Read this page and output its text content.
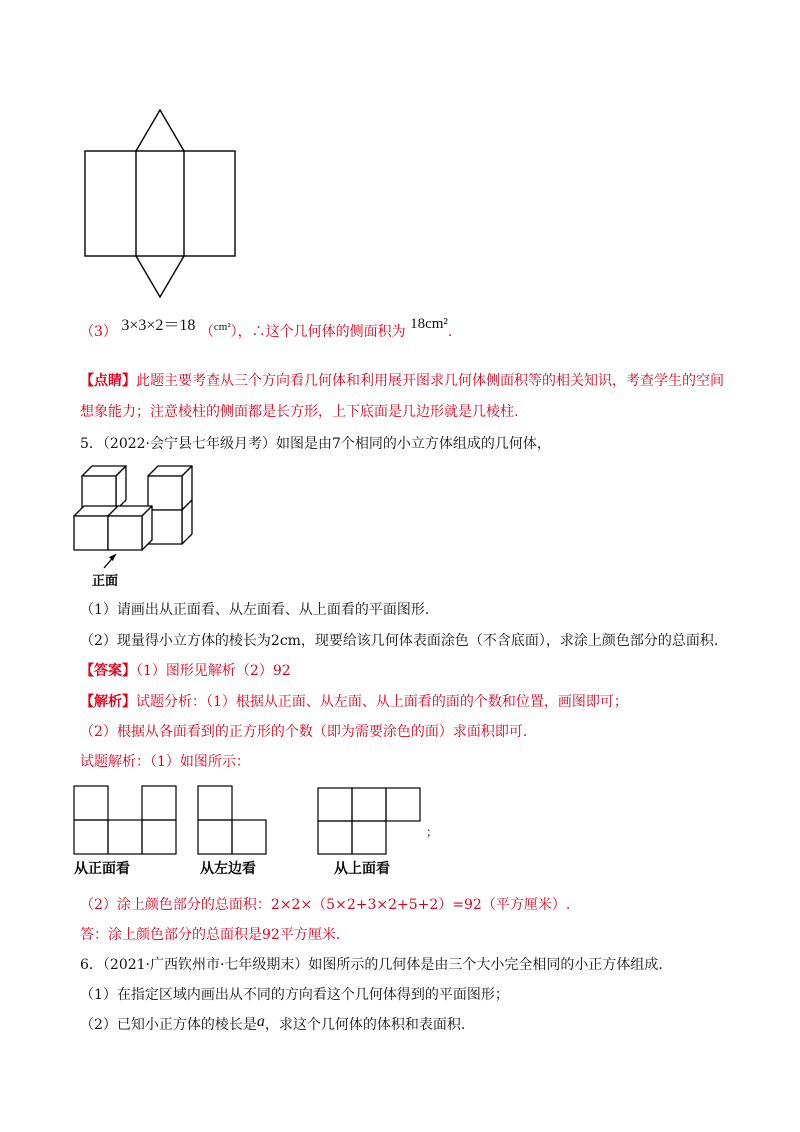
（3） 3×3×2＝18 （$^{cm^2}$），∴这个几何体的侧面积为 18cm².
【点睛】此题主要考查从三个方向看几何体和利用展开图求几何体侧面积等的相关知识，考查学生的空间
想象能力；注意棱柱的侧面都是长方形，上下底面是几边形就是几棱柱.
5．（2022·会宁县七年级月考）如图是由7个相同的小立方体组成的几何体，
正面
（1）请画出从正面看、从左面看、从上面看的平面图形.
（2）现量得小立方体的棱长为2cm，现要给该几何体表面涂色（不含底面），求涂上颜色部分的总面积.
【答案】（1）图形见解析（2）92
【解析】试题分析：（1）根据从正面、从左面、从上面看的面的个数和位置，画图即可；
（2）根据从各面看到的正方形的个数（即为需要涂色的面）求面积即可.
试题解析：（1）如图所示：
从正面看	从左边看	从上面看
；
（2）涂上颜色部分的总面积：2×2×（5×2+3×2+5+2）=92（平方厘米）.
答：涂上颜色部分的总面积是92平方厘米.
6．（2021·广西钦州市·七年级期末）如图所示的几何体是由三个大小完全相同的小正方体组成.
（1）在指定区域内画出从不同的方向看这个几何体得到的平面图形；
（2）已知小正方体的棱长是a，求这个几何体的体积和表面积.
